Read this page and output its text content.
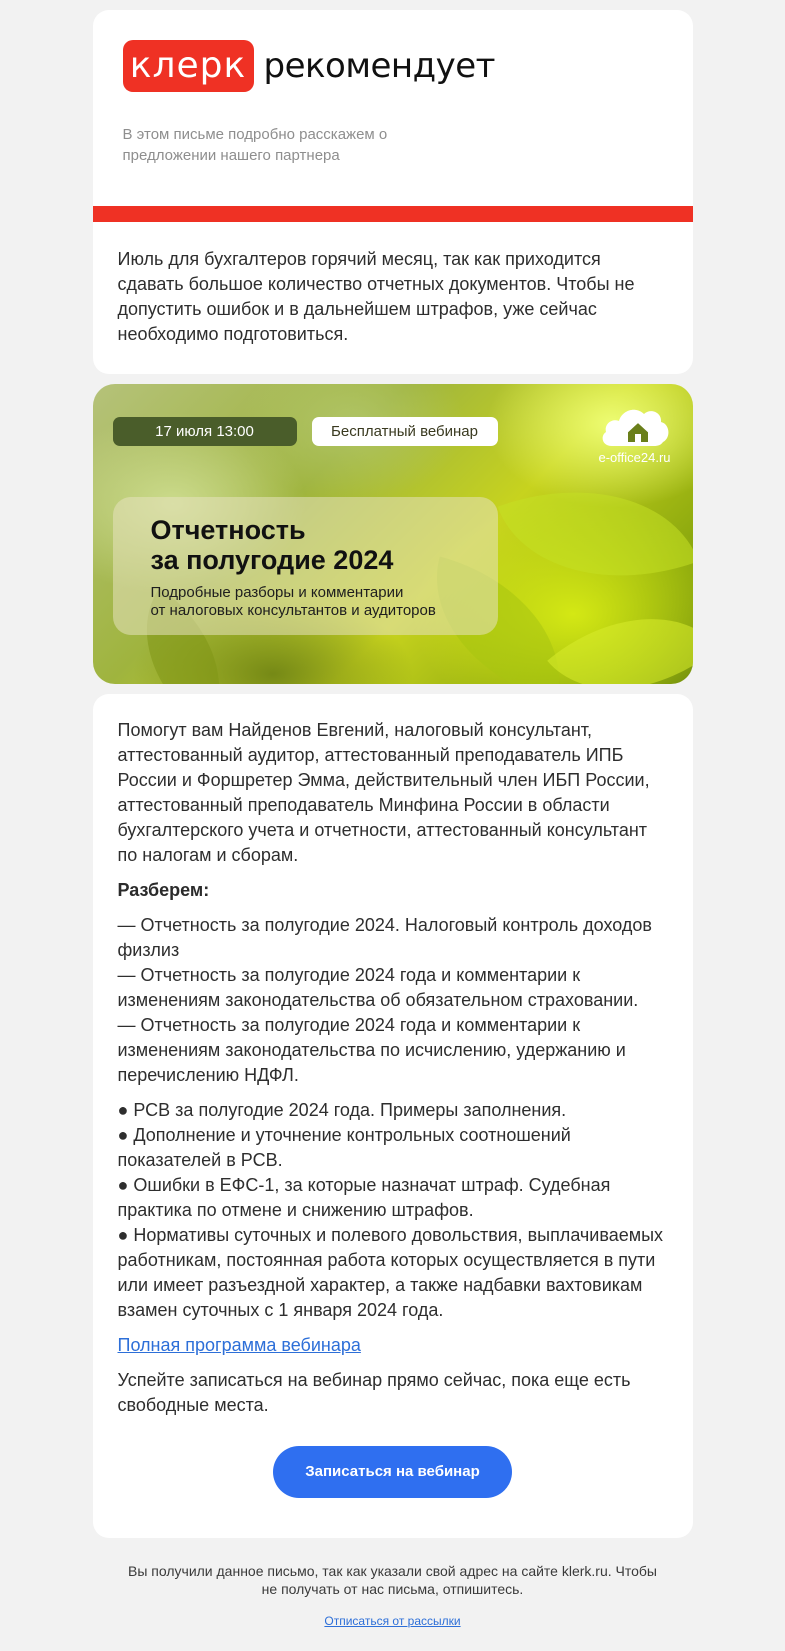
клерк рекомендует
В этом письме подробно расскажем о предложении нашего партнера
Июль для бухгалтеров горячий месяц, так как приходится сдавать большое количество отчетных документов. Чтобы не допустить ошибок и в дальнейшем штрафов, уже сейчас необходимо подготовиться.
17 июля 13:00	Бесплатный вебинар
e-office24.ru
Отчетность
за полугодие 2024
Подробные разборы и комментарии
от налоговых консультантов и аудиторов

Помогут вам Найденов Евгений, налоговый консультант, аттестованный аудитор, аттестованный преподаватель ИПБ России и Форшретер Эмма, действительный член ИБП России, аттестованный преподаватель Минфина России в области бухгалтерского учета и отчетности, аттестованный консультант по налогам и сборам.

Разберем:
— Отчетность за полугодие 2024. Налоговый контроль доходов физлиз
— Отчетность за полугодие 2024 года и комментарии к изменениям законодательства об обязательном страховании.
— Отчетность за полугодие 2024 года и комментарии к изменениям законодательства по исчислению, удержанию и перечислению НДФЛ.
● РСВ за полугодие 2024 года. Примеры заполнения.
● Дополнение и уточнение контрольных соотношений показателей в РСВ.
● Ошибки в ЕФС-1, за которые назначат штраф. Судебная практика по отмене и снижению штрафов.
● Нормативы суточных и полевого довольствия, выплачиваемых работникам, постоянная работа которых осуществляется в пути или имеет разъездной характер, а также надбавки вахтовикам взамен суточных с 1 января 2024 года.
Полная программа вебинара

Успейте записаться на вебинар прямо сейчас, пока еще есть свободные места.

Записаться на вебинар
Вы получили данное письмо, так как указали свой адрес на сайте klerk.ru. Чтобы не получать от нас письма, отпишитесь.
Отписаться от рассылки
